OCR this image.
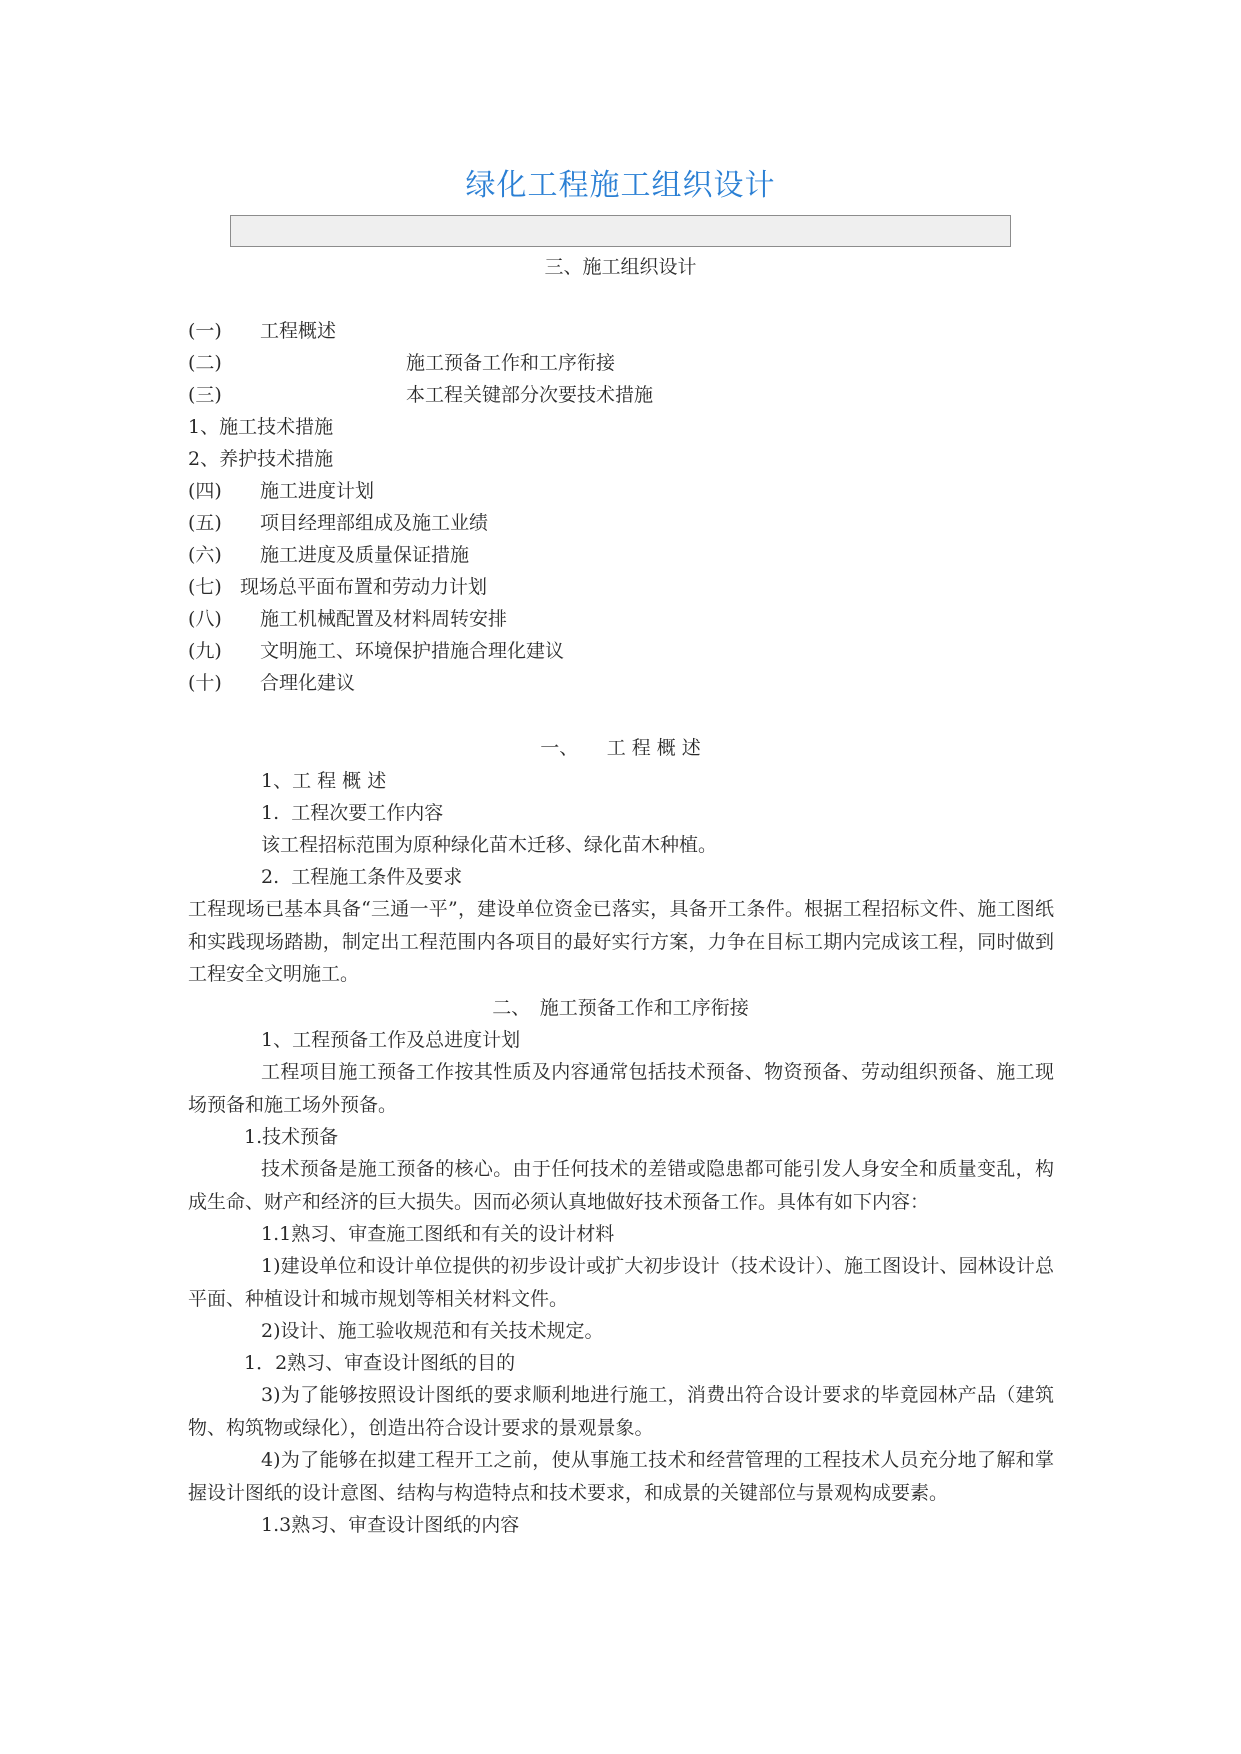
绿化工程施工组织设计
三、施工组织设计
(一) 工程概述
(二)	施工预备工作和工序衔接
(三)	本工程关键部分次要技术措施
1、施工技术措施
2、养护技术措施
(四) 施工进度计划
(五) 项目经理部组成及施工业绩
(六) 施工进度及质量保证措施
(七) 现场总平面布置和劳动力计划
(八) 施工机械配置及材料周转安排
(九) 文明施工、环境保护措施合理化建议
(十) 合理化建议
一、　　工 程 概 述
1、工 程 概 述
1.  工程次要工作内容
该工程招标范围为原种绿化苗木迁移、绿化苗木种植。
2.  工程施工条件及要求
工程现场已基本具备“三通一平”，建设单位资金已落实，具备开工条件。根据工程招标文件、施工图纸和实践现场踏勘，制定出工程范围内各项目的最好实行方案，力争在目标工期内完成该工程，同时做到工程安全文明施工。
二、　施工预备工作和工序衔接
1、工程预备工作及总进度计划
工程项目施工预备工作按其性质及内容通常包括技术预备、物资预备、劳动组织预备、施工现场预备和施工场外预备。
1.技术预备
技术预备是施工预备的核心。由于任何技术的差错或隐患都可能引发人身安全和质量变乱，构成生命、财产和经济的巨大损失。因而必须认真地做好技术预备工作。具体有如下内容：
1.1熟习、审查施工图纸和有关的设计材料
1)建设单位和设计单位提供的初步设计或扩大初步设计（技术设计）、施工图设计、园林设计总平面、种植设计和城市规划等相关材料文件。
2)设计、施工验收规范和有关技术规定。
1．2熟习、审查设计图纸的目的
3)为了能够按照设计图纸的要求顺利地进行施工，消费出符合设计要求的毕竟园林产品（建筑物、构筑物或绿化），创造出符合设计要求的景观景象。
4)为了能够在拟建工程开工之前，使从事施工技术和经营管理的工程技术人员充分地了解和掌握设计图纸的设计意图、结构与构造特点和技术要求，和成景的关键部位与景观构成要素。
1.3熟习、审查设计图纸的内容
